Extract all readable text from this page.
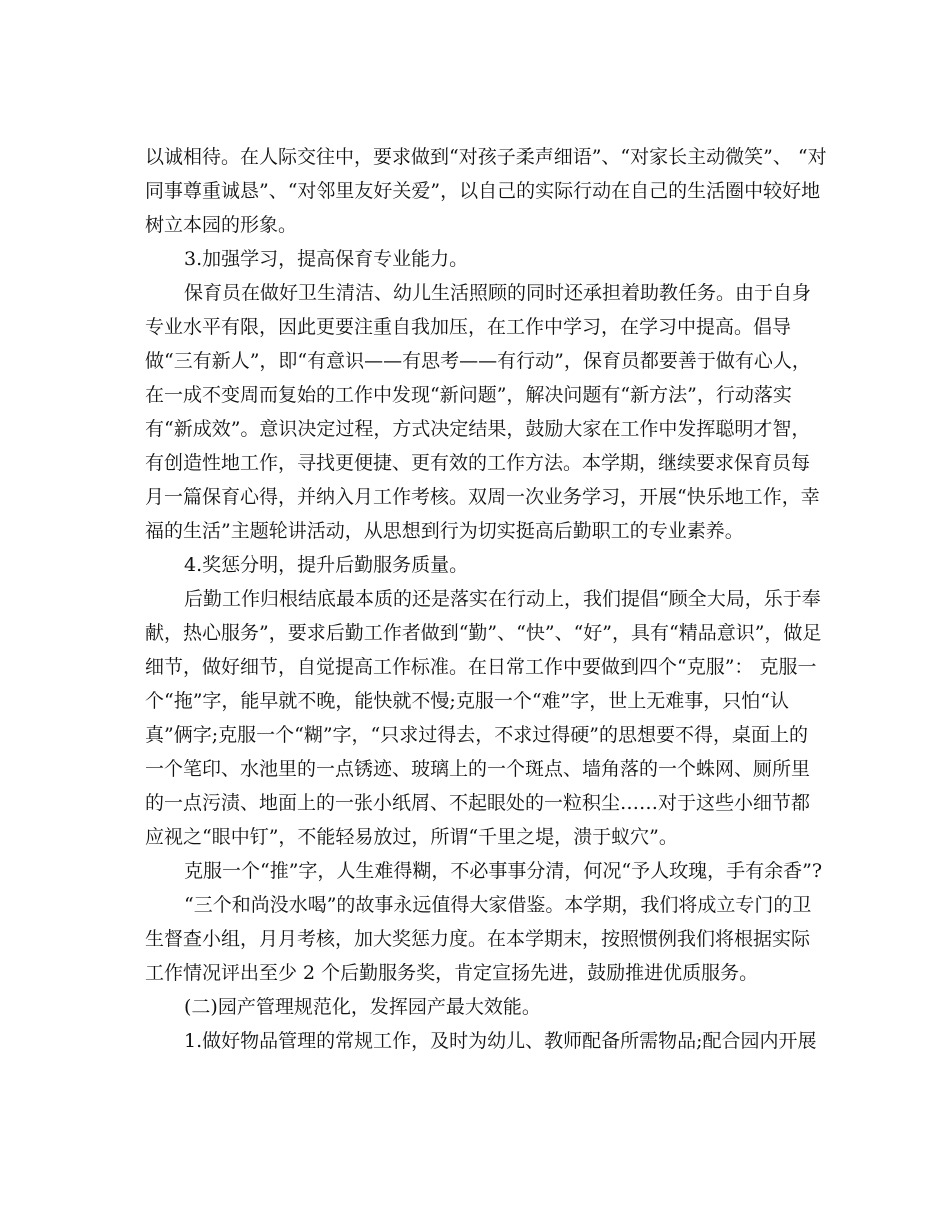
以诚相待。在人际交往中，要求做到“对孩子柔声细语”、“对家长主动微笑”、 “对
同事尊重诚恳”、“对邻里友好关爱”，以自己的实际行动在自己的生活圈中较好地
树立本园的形象。
3.加强学习，提高保育专业能力。
保育员在做好卫生清洁、幼儿生活照顾的同时还承担着助教任务。由于自身
专业水平有限，因此更要注重自我加压，在工作中学习，在学习中提高。倡导
做“三有新人”，即“有意识——有思考——有行动”，保育员都要善于做有心人，
在一成不变周而复始的工作中发现“新问题”，解决问题有“新方法”，行动落实
有“新成效”。意识决定过程，方式决定结果，鼓励大家在工作中发挥聪明才智，
有创造性地工作，寻找更便捷、更有效的工作方法。本学期，继续要求保育员每
月一篇保育心得，并纳入月工作考核。双周一次业务学习，开展“快乐地工作，幸
福的生活”主题轮讲活动，从思想到行为切实挺高后勤职工的专业素养。
4.奖惩分明，提升后勤服务质量。
后勤工作归根结底最本质的还是落实在行动上，我们提倡“顾全大局，乐于奉
献，热心服务”，要求后勤工作者做到“勤”、“快”、“好”，具有“精品意识”，做足
细节，做好细节，自觉提高工作标准。在日常工作中要做到四个“克服”： 克服一
个“拖”字，能早就不晚，能快就不慢;克服一个“难”字，世上无难事，只怕“认
真”俩字;克服一个“糊”字，“只求过得去，不求过得硬”的思想要不得，桌面上的
一个笔印、水池里的一点锈迹、玻璃上的一个斑点、墙角落的一个蛛网、厕所里
的一点污渍、地面上的一张小纸屑、不起眼处的一粒积尘……对于这些小细节都
应视之“眼中钉”，不能轻易放过，所谓“千里之堤，溃于蚁穴”。
克服一个“推”字，人生难得糊，不必事事分清，何况“予人玫瑰，手有余香”?
“三个和尚没水喝”的故事永远值得大家借鉴。本学期，我们将成立专门的卫
生督查小组，月月考核，加大奖惩力度。在本学期末，按照惯例我们将根据实际
工作情况评出至少 2 个后勤服务奖，肯定宣扬先进，鼓励推进优质服务。
(二)园产管理规范化，发挥园产最大效能。
1.做好物品管理的常规工作，及时为幼儿、教师配备所需物品;配合园内开展
